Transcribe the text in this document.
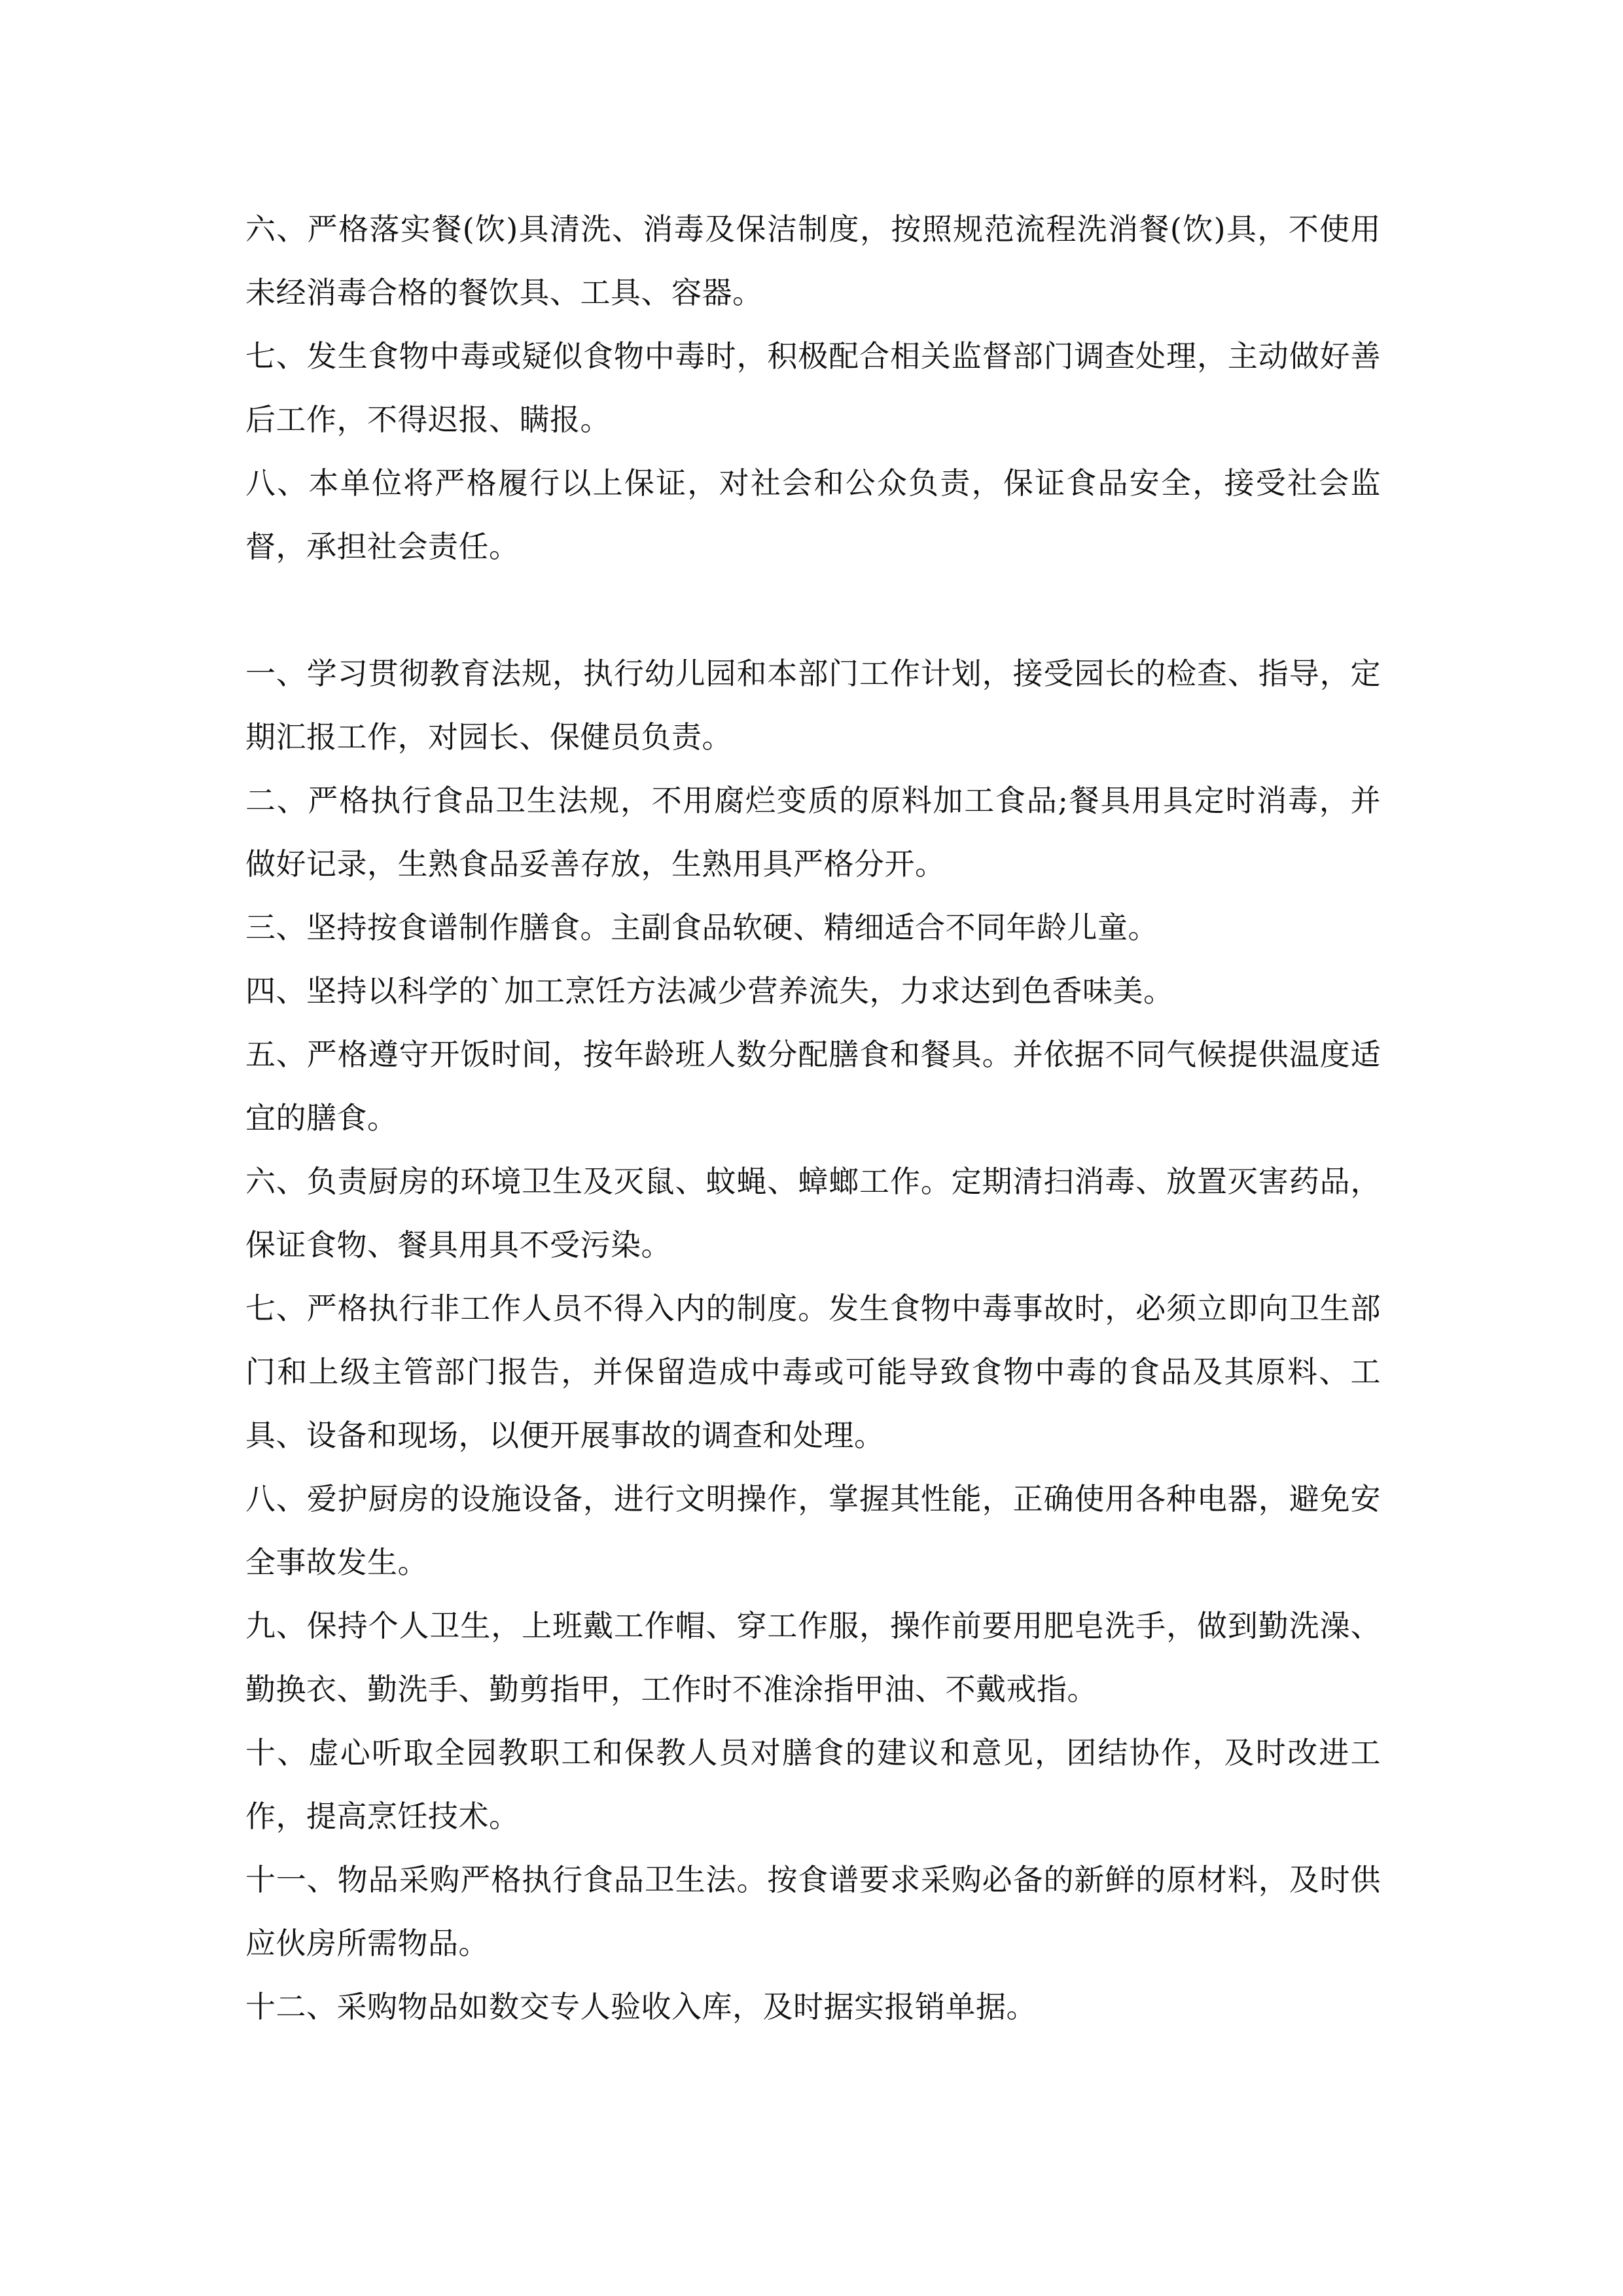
六、严格落实餐(饮)具清洗、消毒及保洁制度，按照规范流程洗消餐(饮)具，不使用未经消毒合格的餐饮具、工具、容器。

七、发生食物中毒或疑似食物中毒时，积极配合相关监督部门调查处理，主动做好善后工作，不得迟报、瞒报。

八、本单位将严格履行以上保证，对社会和公众负责，保证食品安全，接受社会监督，承担社会责任。

一、学习贯彻教育法规，执行幼儿园和本部门工作计划，接受园长的检查、指导，定期汇报工作，对园长、保健员负责。

二、严格执行食品卫生法规，不用腐烂变质的原料加工食品;餐具用具定时消毒，并做好记录，生熟食品妥善存放，生熟用具严格分开。

三、坚持按食谱制作膳食。主副食品软硬、精细适合不同年龄儿童。

四、坚持以科学的`加工烹饪方法减少营养流失，力求达到色香味美。

五、严格遵守开饭时间，按年龄班人数分配膳食和餐具。并依据不同气候提供温度适宜的膳食。

六、负责厨房的环境卫生及灭鼠、蚊蝇、蟑螂工作。定期清扫消毒、放置灭害药品，保证食物、餐具用具不受污染。

七、严格执行非工作人员不得入内的制度。发生食物中毒事故时，必须立即向卫生部门和上级主管部门报告，并保留造成中毒或可能导致食物中毒的食品及其原料、工具、设备和现场，以便开展事故的调查和处理。

八、爱护厨房的设施设备，进行文明操作，掌握其性能，正确使用各种电器，避免安全事故发生。

九、保持个人卫生，上班戴工作帽、穿工作服，操作前要用肥皂洗手，做到勤洗澡、勤换衣、勤洗手、勤剪指甲，工作时不准涂指甲油、不戴戒指。

十、虚心听取全园教职工和保教人员对膳食的建议和意见，团结协作，及时改进工作，提高烹饪技术。

十一、物品采购严格执行食品卫生法。按食谱要求采购必备的新鲜的原材料，及时供应伙房所需物品。

十二、采购物品如数交专人验收入库，及时据实报销单据。
